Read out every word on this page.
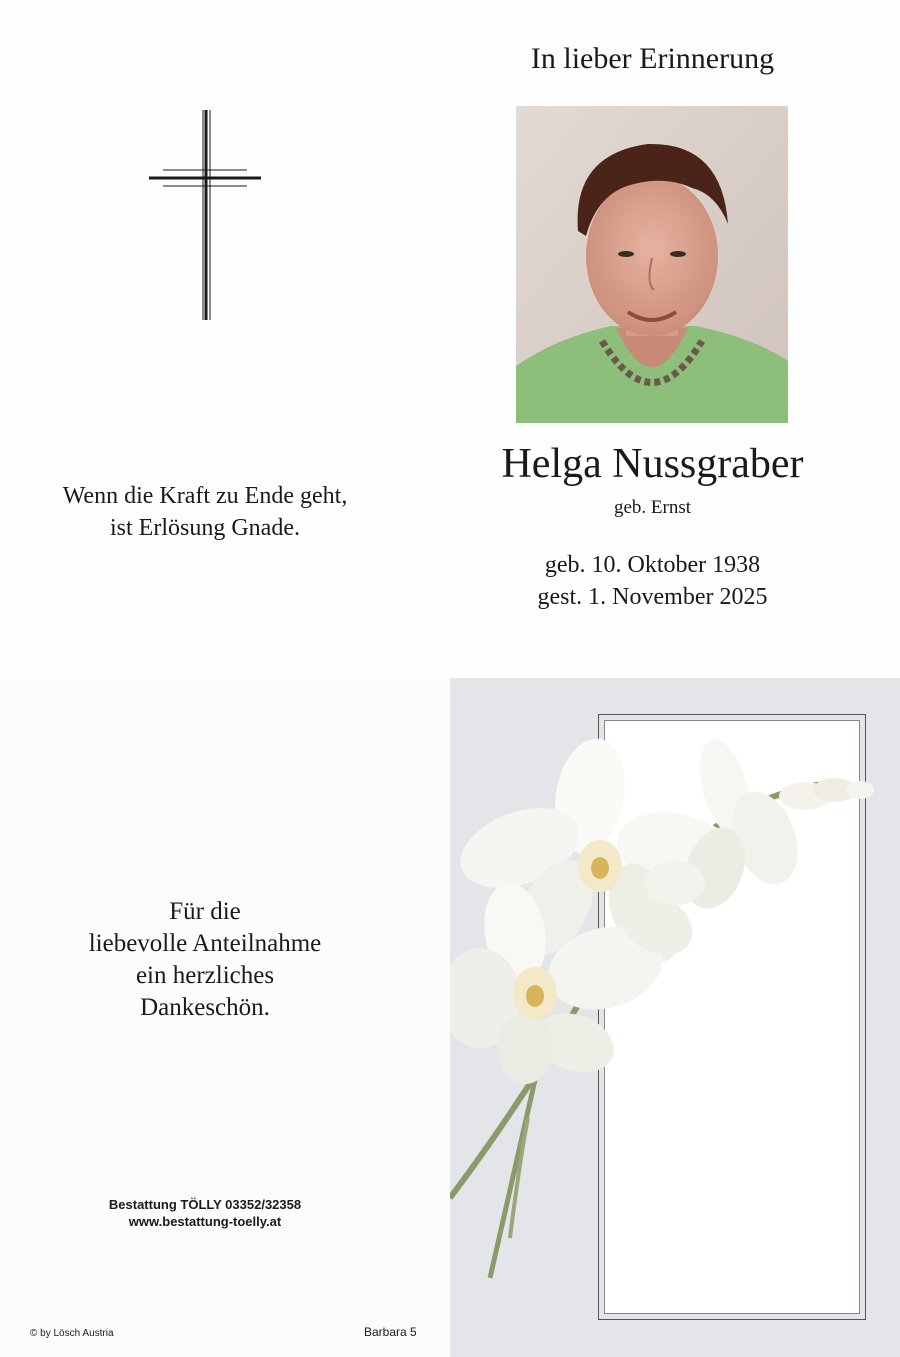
Wenn die Kraft zu Ende geht,
ist Erlösung Gnade.
In lieber Erinnerung
Helga Nussgraber
geb. Ernst
geb. 10. Oktober 1938
gest. 1. November 2025
Für die
liebevolle Anteilnahme
ein herzliches
Dankeschön.
Bestattung TÖLLY 03352/32358
www.bestattung-toelly.at
© by Lösch Austria	Barbara 5
